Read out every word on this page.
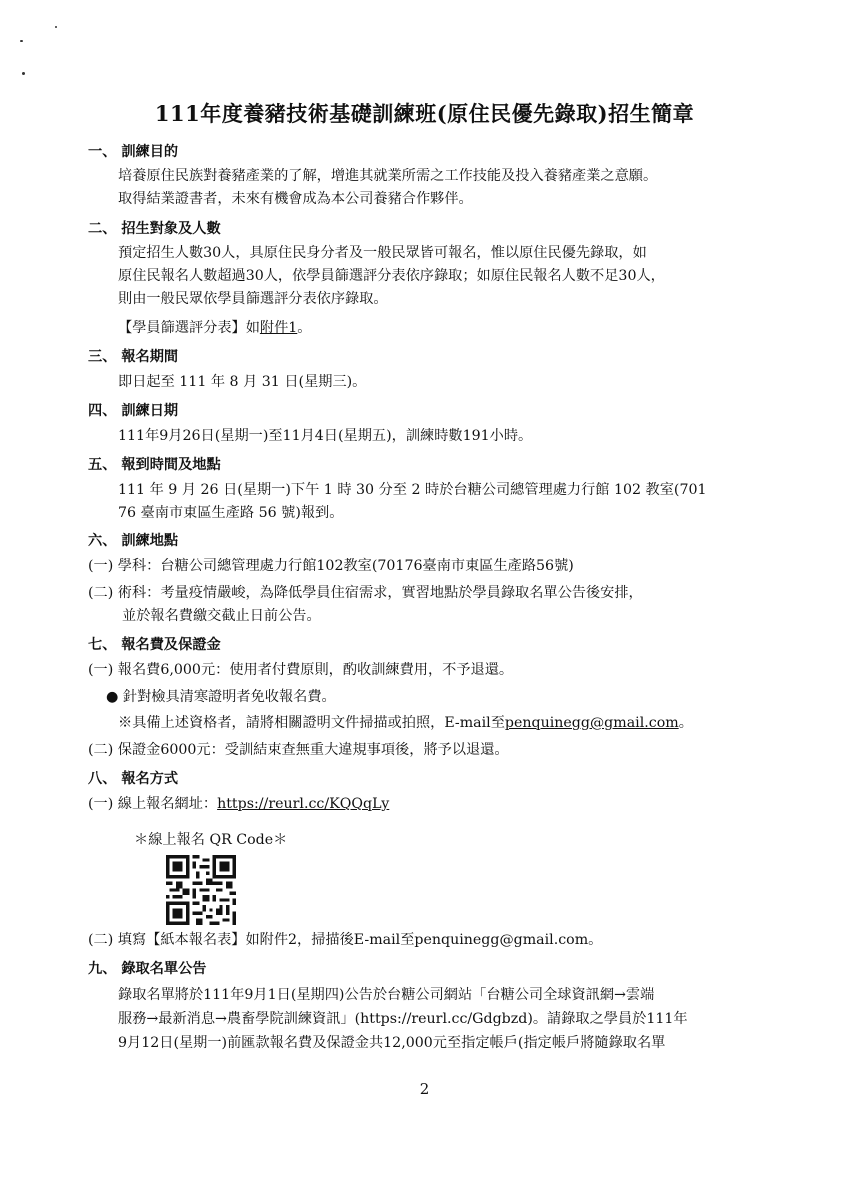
111年度養豬技術基礎訓練班(原住民優先錄取)招生簡章
一、 訓練目的
培養原住民族對養豬產業的了解，增進其就業所需之工作技能及投入養豬產業之意願。
取得結業證書者，未來有機會成為本公司養豬合作夥伴。
二、 招生對象及人數
預定招生人數30人，具原住民身分者及一般民眾皆可報名，惟以原住民優先錄取，如
原住民報名人數超過30人，依學員篩選評分表依序錄取；如原住民報名人數不足30人，
則由一般民眾依學員篩選評分表依序錄取。
【學員篩選評分表】如附件1。
三、 報名期間
即日起至 111 年 8 月 31 日(星期三)。
四、 訓練日期
111年9月26日(星期一)至11月4日(星期五)，訓練時數191小時。
五、 報到時間及地點
111 年 9 月 26 日(星期一)下午 1 時 30 分至 2 時於台糖公司總管理處力行館 102 教室(701
76 臺南市東區生產路 56 號)報到。
六、 訓練地點
(一) 學科：台糖公司總管理處力行館102教室(70176臺南市東區生產路56號)
(二) 術科：考量疫情嚴峻，為降低學員住宿需求，實習地點於學員錄取名單公告後安排，
並於報名費繳交截止日前公告。
七、 報名費及保證金
(一) 報名費6,000元：使用者付費原則，酌收訓練費用，不予退還。
● 針對檢具清寒證明者免收報名費。
※具備上述資格者，請將相關證明文件掃描或拍照，E-mail至penquinegg@gmail.com。
(二) 保證金6000元：受訓結束查無重大違規事項後，將予以退還。
八、 報名方式
(一) 線上報名網址：https://reurl.cc/KQQqLy
＊線上報名 QR Code＊
(二) 填寫【紙本報名表】如附件2，掃描後E-mail至penquinegg@gmail.com。
九、 錄取名單公告
錄取名單將於111年9月1日(星期四)公告於台糖公司網站「台糖公司全球資訊網→雲端
服務→最新消息→農畜學院訓練資訊」(https://reurl.cc/Gdgbzd)。請錄取之學員於111年
9月12日(星期一)前匯款報名費及保證金共12,000元至指定帳戶(指定帳戶將隨錄取名單
2
